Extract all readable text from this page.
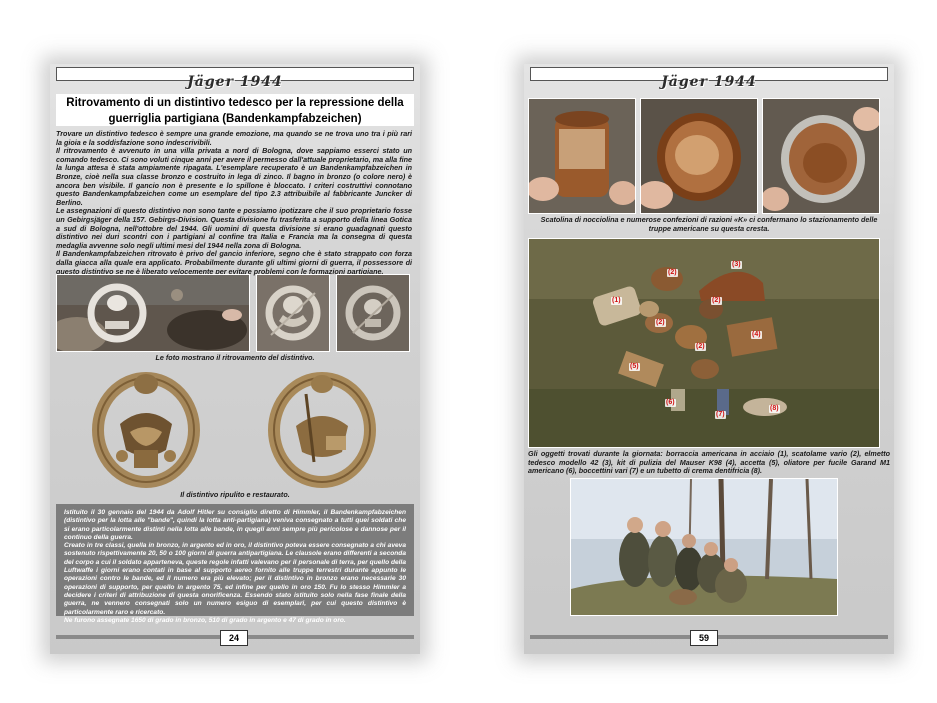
Jäger 1944
Ritrovamento di un distintivo tedesco per la repressione della
guerriglia partigiana (Bandenkampfabzeichen)

Trovare un distintivo tedesco è sempre una grande emozione, ma quando se ne trova uno tra i più rari la gioia e la soddisfazione sono indescrivibili.

Il ritrovamento è avvenuto in una villa privata a nord di Bologna, dove sappiamo esserci stato un comando tedesco. Ci sono voluti cinque anni per avere il permesso dall'attuale proprietario, ma alla fine la lunga attesa è stata ampiamente ripagata. L'esemplare recuperato è un Bandenkampfabzeichen in Bronze, cioè nella sua classe bronzo e costruito in lega di zinco. Il bagno in bronzo (o colore nero) è ancora ben visibile. Il gancio non è presente e lo spillone è bloccato. I criteri costruttivi connotano questo Bandenkampfabzeichen come un esemplare del tipo 2.3 attribuibile al fabbricante Juncker di Berlino.

Le assegnazioni di questo distintivo non sono tante e possiamo ipotizzare che il suo proprietario fosse un Gebirgsjäger della 157. Gebirgs-Division. Questa divisione fu trasferita a supporto della linea Gotica a sud di Bologna, nell'ottobre del 1944. Gli uomini di questa divisione si erano guadagnati questo distintivo nei duri scontri con i partigiani al confine tra Italia e Francia ma la consegna di questa medaglia avvenne solo negli ultimi mesi del 1944 nella zona di Bologna.

Il Bandenkampfabzeichen ritrovato è privo del gancio inferiore, segno che è stato strappato con forza dalla giacca alla quale era applicato. Probabilmente durante gli ultimi giorni di guerra, il possessore di questo distintivo se ne è liberato velocemente per evitare problemi con le formazioni partigiane.

Le foto mostrano il ritrovamento del distintivo.
Il distintivo ripulito e restaurato.

Istituito il 30 gennaio del 1944 da Adolf Hitler su consiglio diretto di Himmler, il Bandenkampfabzeichen (distintivo per la lotta alle "bande", quindi la lotta anti-partigiana) veniva consegnato a tutti quei soldati che si erano particolarmente distinti nella lotta alle bande, in quegli anni sempre più pericolose e dannose per il continuo della guerra.

Creato in tre classi, quella in bronzo, in argento ed in oro, il distintivo poteva essere consegnato a chi aveva sostenuto rispettivamente 20, 50 o 100 giorni di guerra antipartigiana. Le clausole erano differenti a seconda del corpo a cui il soldato apparteneva, queste regole infatti valevano per il personale di terra, per quello della Luftwaffe i giorni erano contati in base al supporto aereo fornito alle truppe terrestri durante appunto le operazioni contro le bande, ed il numero era più elevato; per il distintivo in bronzo erano necessarie 30 operazioni di supporto, per quello in argento 75, ed infine per quello in oro 150. Fu lo stesso Himmler a decidere i criteri di attribuzione di questa onorificenza. Essendo stato istituito solo nella fase finale della guerra, ne vennero consegnati solo un numero esiguo di esemplari, per cui questo distintivo è particolarmente raro e ricercato.

Ne furono assegnate 1650 di grado in bronzo, 510 di grado in argento e 47 di grado in oro.

24
Jäger 1944
Scatolina di nocciolina e numerose confezioni di razioni «K» ci confermano lo stazionamento delle truppe americane su questa cresta.
(1)
(2)
(3)
(2)
(2)
(4)
(2)
(5)
(6)
(7)
(8)
Gli oggetti trovati durante la giornata: borraccia americana in acciaio (1), scatolame vario (2), elmetto tedesco modello 42 (3), kit di pulizia del Mauser K98 (4), accetta (5), oliatore per fucile Garand M1 americano (6), boccettini vari (7) e un tubetto di crema dentifricia (8).
59
